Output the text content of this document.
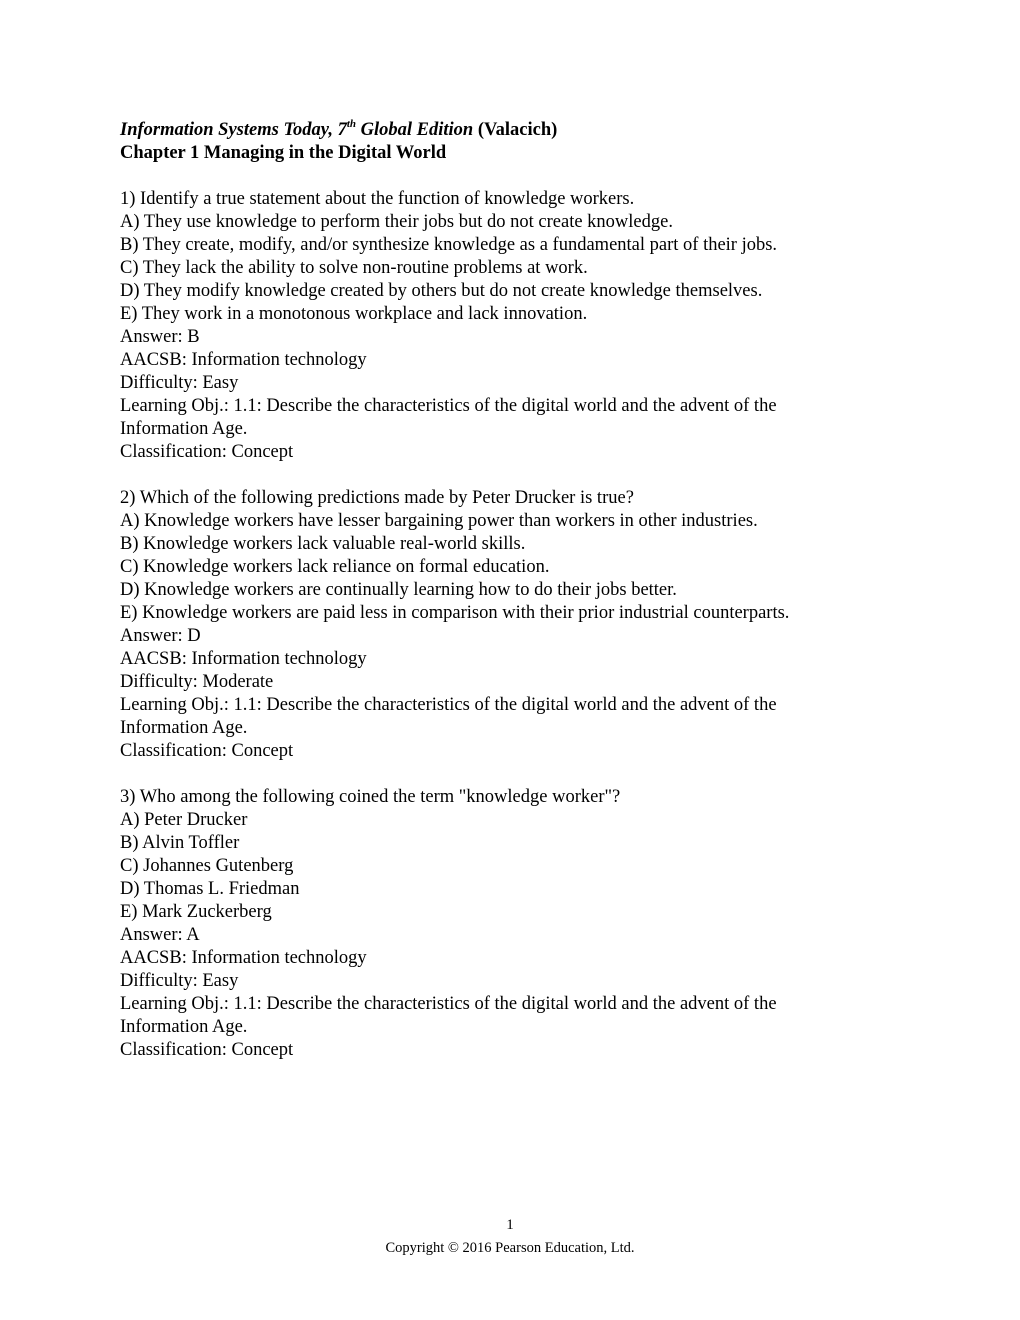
Information Systems Today, 7th Global Edition (Valacich)
Chapter 1 Managing in the Digital World
1) Identify a true statement about the function of knowledge workers.
A) They use knowledge to perform their jobs but do not create knowledge.
B) They create, modify, and/or synthesize knowledge as a fundamental part of their jobs.
C) They lack the ability to solve non-routine problems at work.
D) They modify knowledge created by others but do not create knowledge themselves.
E) They work in a monotonous workplace and lack innovation.
Answer: B
AACSB: Information technology
Difficulty: Easy
Learning Obj.: 1.1: Describe the characteristics of the digital world and the advent of the
Information Age.
Classification: Concept
2) Which of the following predictions made by Peter Drucker is true?
A) Knowledge workers have lesser bargaining power than workers in other industries.
B) Knowledge workers lack valuable real-world skills.
C) Knowledge workers lack reliance on formal education.
D) Knowledge workers are continually learning how to do their jobs better.
E) Knowledge workers are paid less in comparison with their prior industrial counterparts.
Answer: D
AACSB: Information technology
Difficulty: Moderate
Learning Obj.: 1.1: Describe the characteristics of the digital world and the advent of the
Information Age.
Classification: Concept
3) Who among the following coined the term "knowledge worker"?
A) Peter Drucker
B) Alvin Toffler
C) Johannes Gutenberg
D) Thomas L. Friedman
E) Mark Zuckerberg
Answer: A
AACSB: Information technology
Difficulty: Easy
Learning Obj.: 1.1: Describe the characteristics of the digital world and the advent of the
Information Age.
Classification: Concept
1
Copyright © 2016 Pearson Education, Ltd.
